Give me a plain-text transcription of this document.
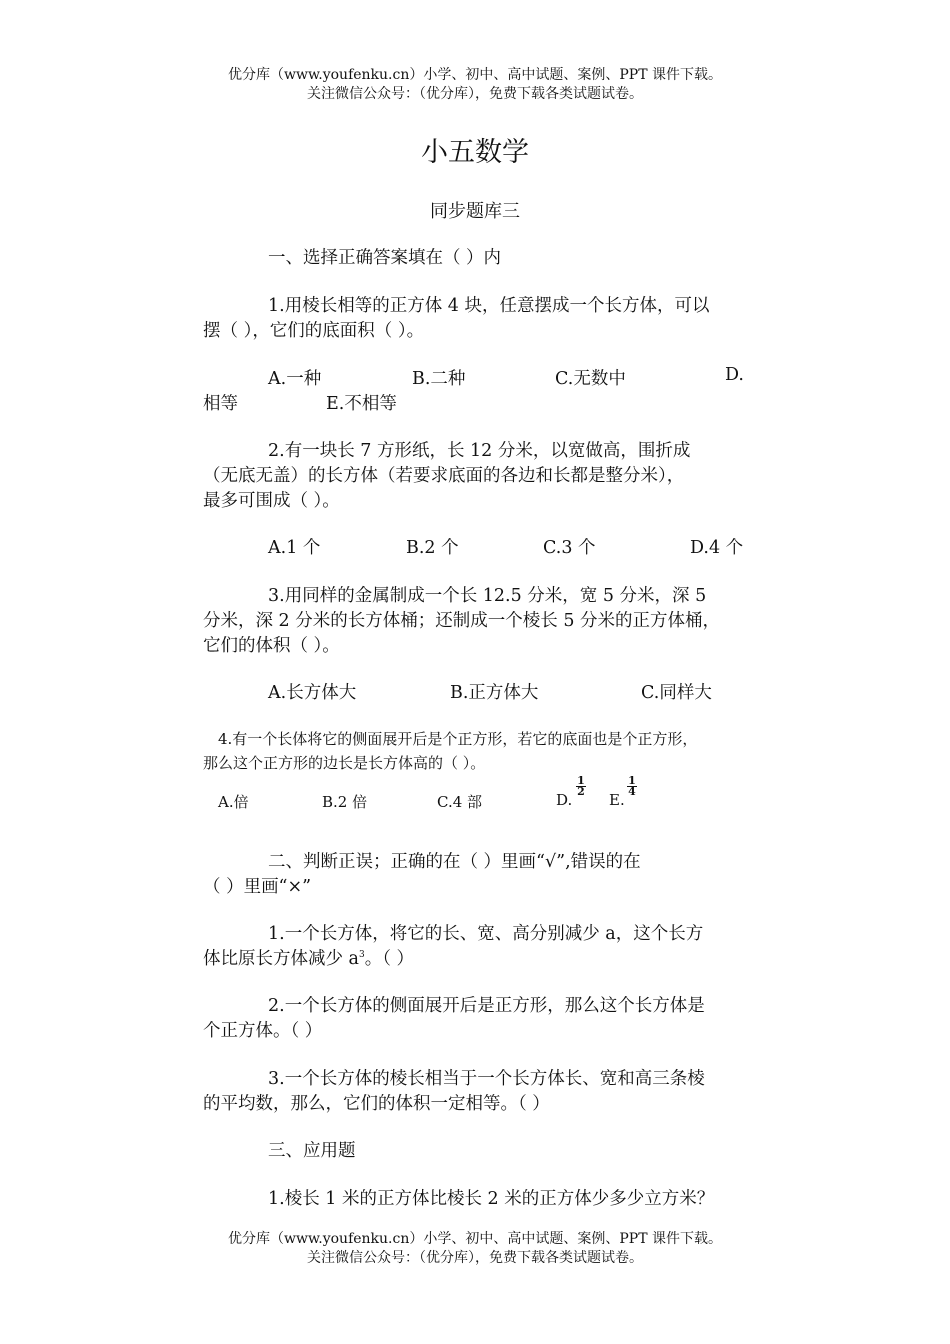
优分库（www.youfenku.cn）小学、初中、高中试题、案例、PPT 课件下载。
关注微信公众号：（优分库），免费下载各类试题试卷。
小五数学
同步题库三
一、选择正确答案填在（ ）内
1.用棱长相等的正方体 4 块，任意摆成一个长方体，可以
摆（ ），它们的底面积（ ）。
A.一种	B.二种	C.无数中	D.
相等	E.不相等
2.有一块长 7 方形纸，长 12 分米，以宽做高，围折成
（无底无盖）的长方体（若要求底面的各边和长都是整分米），
最多可围成（ ）。
A.1 个	B.2 个	C.3 个	D.4 个
3.用同样的金属制成一个长 12.5 分米，宽 5 分米，深 5
分米，深 2 分米的长方体桶；还制成一个棱长 5 分米的正方体桶，
它们的体积（ ）。
A.长方体大	B.正方体大	C.同样大
4.有一个长体将它的侧面展开后是个正方形，若它的底面也是个正方形，
那么这个正方形的边长是长方体高的（ ）。
A.倍	B.2 倍	C.4 部	D.
1
2 E.
1
4
二、判断正误；正确的在（ ）里画“√”,错误的在
（ ）里画“×”
1.一个长方体，将它的长、宽、高分别减少 a，这个长方
体比原长方体减少 $a^3$。（ ）
2.一个长方体的侧面展开后是正方形，那么这个长方体是
个正方体。（ ）
3.一个长方体的棱长相当于一个长方体长、宽和高三条棱
的平均数，那么，它们的体积一定相等。（ ）
三、应用题
1.棱长 1 米的正方体比棱长 2 米的正方体少多少立方米？
优分库（www.youfenku.cn）小学、初中、高中试题、案例、PPT 课件下载。
关注微信公众号：（优分库），免费下载各类试题试卷。
